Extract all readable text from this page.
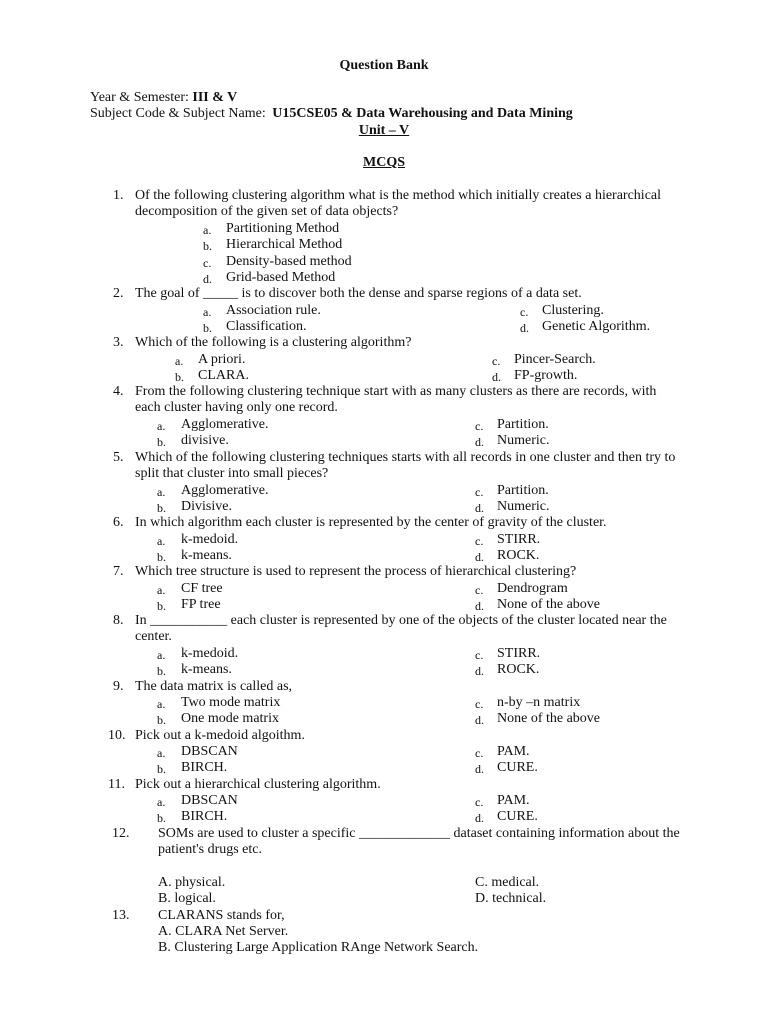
Question Bank
Year & Semester: III & V
Subject Code & Subject Name: U15CSE05 & Data Warehousing and Data Mining
Unit – V
MCQS
1. Of the following clustering algorithm what is the method which initially creates a hierarchical
decomposition of the given set of data objects?
a. Partitioning Method
b. Hierarchical Method
c. Density-based method
d. Grid-based Method
2. The goal of _____ is to discover both the dense and sparse regions of a data set.
a. Association rule.	c. Clustering.
b. Classification.	d. Genetic Algorithm.
3. Which of the following is a clustering algorithm?
a. A priori.	c. Pincer-Search.
b. CLARA.	d. FP-growth.
4. From the following clustering technique start with as many clusters as there are records, with
each cluster having only one record.
a. Agglomerative.	c. Partition.
b. divisive.	d. Numeric.
5. Which of the following clustering techniques starts with all records in one cluster and then try to
split that cluster into small pieces?
a. Agglomerative.	c. Partition.
b. Divisive.	d. Numeric.
6. In which algorithm each cluster is represented by the center of gravity of the cluster.
a. k-medoid.	c. STIRR.
b. k-means.	d. ROCK.
7. Which tree structure is used to represent the process of hierarchical clustering?
a. CF tree	c. Dendrogram
b. FP tree	d. None of the above
8. In ___________ each cluster is represented by one of the objects of the cluster located near the
center.
a. k-medoid.	c. STIRR.
b. k-means.	d. ROCK.
9. The data matrix is called as,
a. Two mode matrix	c. n-by –n matrix
b. One mode matrix	d. None of the above
10. Pick out a k-medoid algoithm.
a. DBSCAN	c. PAM.
b. BIRCH.	d. CURE.
11. Pick out a hierarchical clustering algorithm.
a. DBSCAN	c. PAM.
b. BIRCH.	d. CURE.
12. SOMs are used to cluster a specific _____________ dataset containing information about the
patient's drugs etc.
A. physical.	C. medical.
B. logical.	D. technical.
13. CLARANS stands for,
A. CLARA Net Server.
B. Clustering Large Application RAnge Network Search.
